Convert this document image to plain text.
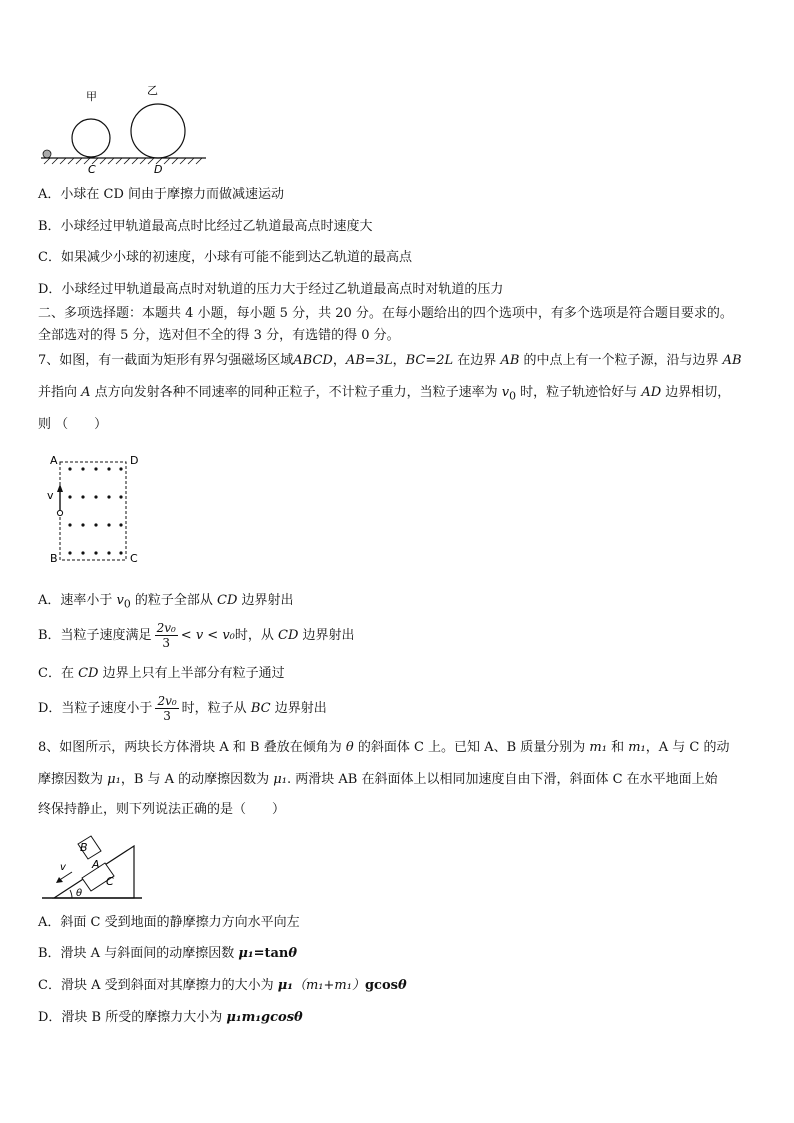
甲	乙
C	D
A．小球在 CD 间由于摩擦力而做减速运动
B．小球经过甲轨道最高点时比经过乙轨道最高点时速度大
C．如果减少小球的初速度，小球有可能不能到达乙轨道的最高点
D．小球经过甲轨道最高点时对轨道的压力大于经过乙轨道最高点时对轨道的压力
二、多项选择题：本题共 4 小题，每小题 5 分，共 20 分。在每小题给出的四个选项中，有多个选项是符合题目要求的。
全部选对的得 5 分，选对但不全的得 3 分，有选错的得 0 分。
7、如图，有一截面为矩形有界匀强磁场区域ABCD，AB=3L，BC=2L 在边界 AB 的中点上有一个粒子源，沿与边界 AB
并指向 A 点方向发射各种不同速率的同种正粒子，不计粒子重力，当粒子速率为 $v_0$ 时，粒子轨迹恰好与 AD 边界相切，
则 （　　）
A	D
B	C
v
A．速率小于 $v_0$ 的粒子全部从 CD 边界射出
B．当粒子速度满足 $\frac{\text{2v₀}}{3} < v < v_0$时，从 CD 边界射出
C．在 CD 边界上只有上半部分有粒子通过
D．当粒子速度小于 $\frac{\text{2v₀}}{3}$ 时，粒子从 BC 边界射出
8、如图所示，两块长方体滑块 A 和 B 叠放在倾角为 θ 的斜面体 C 上。已知 A、B 质量分别为 m₁ 和 m₁，A 与 C 的动
摩擦因数为 μ₁，B 与 A 的动摩擦因数为 μ₁. 两滑块 AB 在斜面体上以相同加速度自由下滑，斜面体 C 在水平地面上始
终保持静止，则下列说法正确的是（　　）
B
A
C
v
θ
A．斜面 C 受到地面的静摩擦力方向水平向左
B．滑块 A 与斜面间的动摩擦因数 μ₁=tanθ
C．滑块 A 受到斜面对其摩擦力的大小为 μ₁（m₁+m₁）gcosθ
D．滑块 B 所受的摩擦力大小为 μ₁m₁gcosθ
